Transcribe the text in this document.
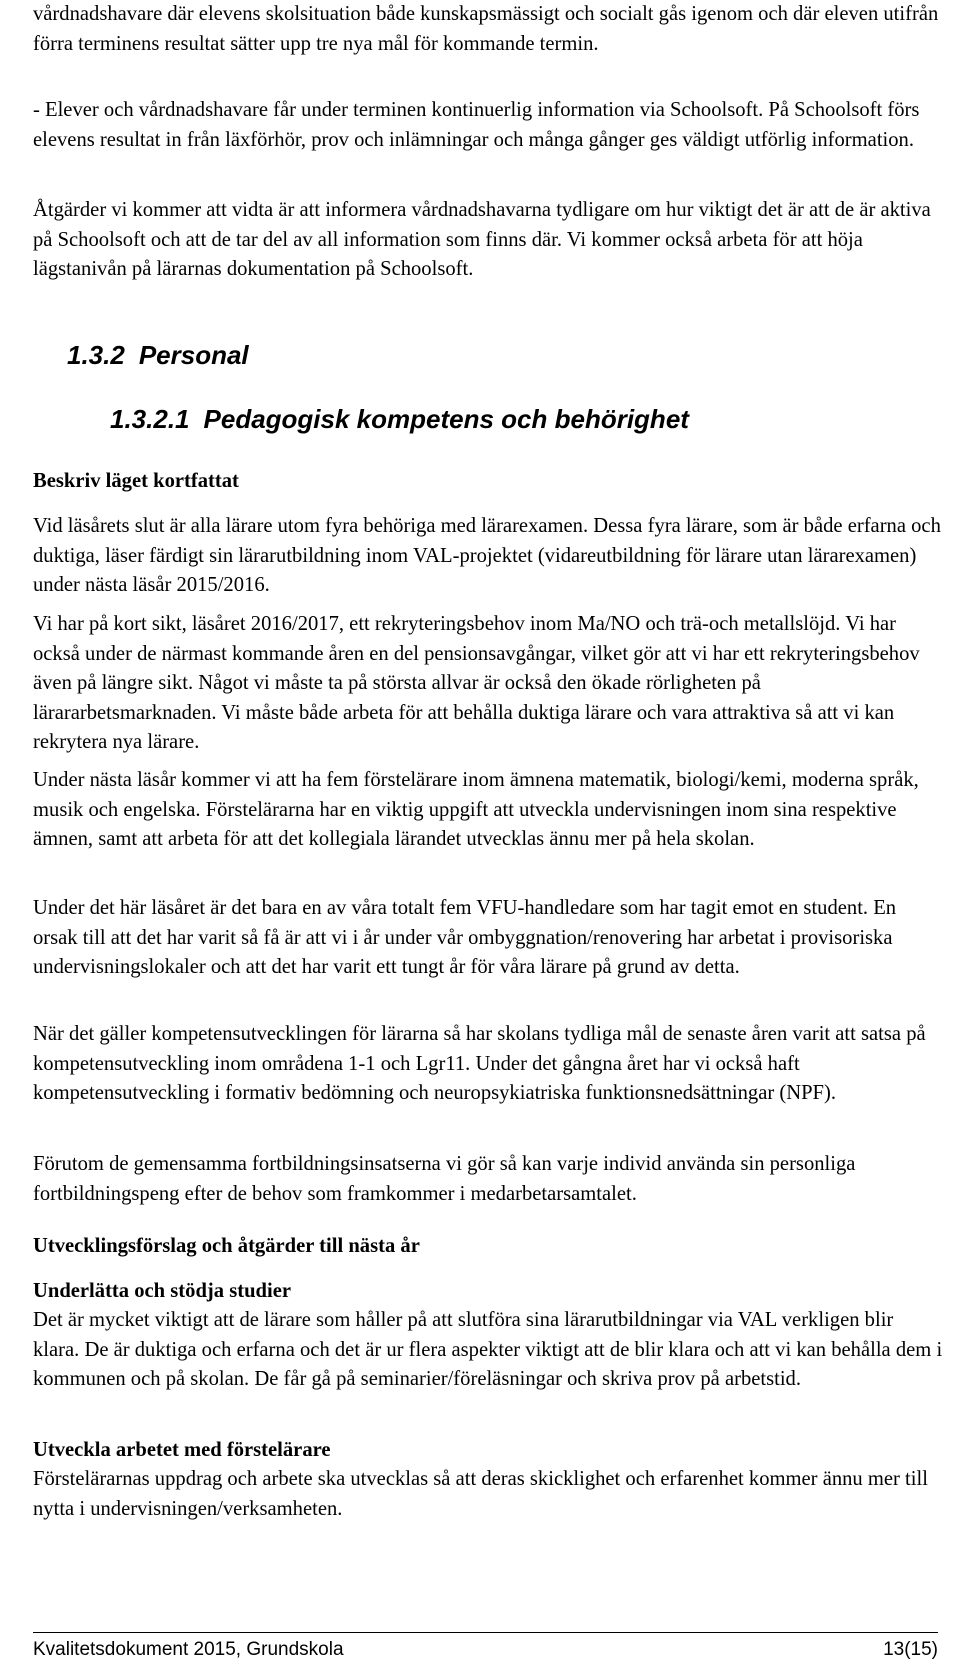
vårdnadshavare där elevens skolsituation både kunskapsmässigt och socialt gås igenom och där eleven utifrån förra terminens resultat sätter upp tre nya mål för kommande termin.

- Elever och vårdnadshavare får under terminen kontinuerlig information via Schoolsoft. På Schoolsoft förs elevens resultat in från läxförhör, prov och inlämningar och många gånger ges väldigt utförlig information.

Åtgärder vi kommer att vidta är att informera vårdnadshavarna tydligare om hur viktigt det är att de är aktiva på Schoolsoft och att de tar del av all information som finns där. Vi kommer också arbeta för att höja lägstanivån på lärarnas dokumentation på Schoolsoft.

1.3.2 Personal
1.3.2.1 Pedagogisk kompetens och behörighet

Beskriv läget kortfattat

Vid läsårets slut är alla lärare utom fyra behöriga med lärarexamen. Dessa fyra lärare, som är både erfarna och duktiga, läser färdigt sin lärarutbildning inom VAL-projektet (vidareutbildning för lärare utan lärarexamen) under nästa läsår 2015/2016.

Vi har på kort sikt, läsåret 2016/2017, ett rekryteringsbehov inom Ma/NO och trä-och metallslöjd. Vi har också under de närmast kommande åren en del pensionsavgångar, vilket gör att vi har ett rekryteringsbehov även på längre sikt. Något vi måste ta på största allvar är också den ökade rörligheten på lärararbetsmarknaden. Vi måste både arbeta för att behålla duktiga lärare och vara attraktiva så att vi kan rekrytera nya lärare.

Under nästa läsår kommer vi att ha fem förstelärare inom ämnena matematik, biologi/kemi, moderna språk, musik och engelska. Förstelärarna har en viktig uppgift att utveckla undervisningen inom sina respektive ämnen, samt att arbeta för att det kollegiala lärandet utvecklas ännu mer på hela skolan.

Under det här läsåret är det bara en av våra totalt fem VFU-handledare som har tagit emot en student. En orsak till att det har varit så få är att vi i år under vår ombyggnation/renovering har arbetat i provisoriska undervisningslokaler och att det har varit ett tungt år för våra lärare på grund av detta.

När det gäller kompetensutvecklingen för lärarna så har skolans tydliga mål de senaste åren varit att satsa på kompetensutveckling inom områdena 1-1 och Lgr11. Under det gångna året har vi också haft kompetensutveckling i formativ bedömning och neuropsykiatriska funktionsnedsättningar (NPF).

Förutom de gemensamma fortbildningsinsatserna vi gör så kan varje individ använda sin personliga fortbildningspeng efter de behov som framkommer i medarbetarsamtalet.

Utvecklingsförslag och åtgärder till nästa år

Underlätta och stödja studier

Det är mycket viktigt att de lärare som håller på att slutföra sina lärarutbildningar via VAL verkligen blir klara. De är duktiga och erfarna och det är ur flera aspekter viktigt att de blir klara och att vi kan behålla dem i kommunen och på skolan. De får gå på seminarier/föreläsningar och skriva prov på arbetstid.

Utveckla arbetet med förstelärare

Förstelärarnas uppdrag och arbete ska utvecklas så att deras skicklighet och erfarenhet kommer ännu mer till nytta i undervisningen/verksamheten.

Kvalitetsdokument 2015, Grundskola	13(15)
